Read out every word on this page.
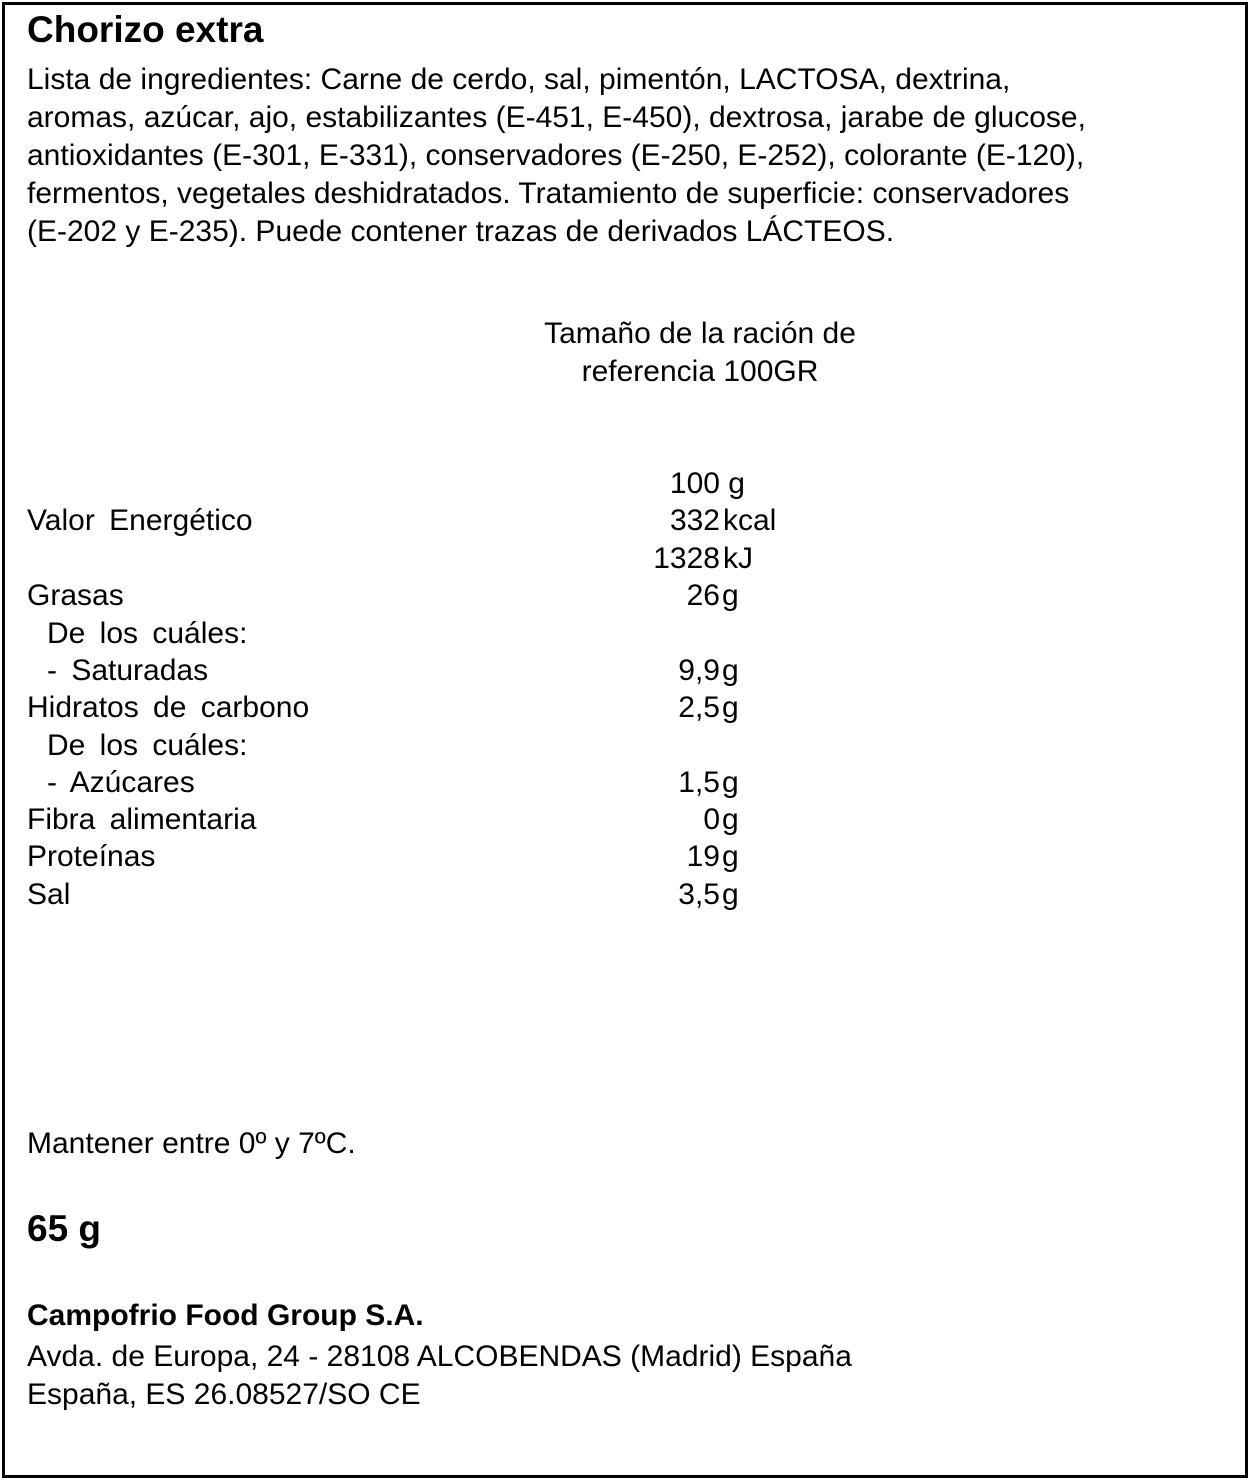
Chorizo extra
Lista de ingredientes: Carne de cerdo, sal, pimentón, LACTOSA, dextrina,
aromas, azúcar, ajo, estabilizantes (E-451, E-450), dextrosa, jarabe de glucose,
antioxidantes (E-301, E-331), conservadores (E-250, E-252), colorante (E-120),
fermentos, vegetales deshidratados. Tratamiento de superficie: conservadores
(E-202 y E-235). Puede contener trazas de derivados LÁCTEOS.
Tamaño de la ración de
referencia 100GR
100 g
Valor Energético	332 kcal
1328 kJ
Grasas	26 g
De los cuáles:
- Saturadas	9,9 g
Hidratos de carbono	2,5 g
De los cuáles:
- Azúcares	1,5 g
Fibra alimentaria	0 g
Proteínas	19 g
Sal	3,5 g
Mantener entre 0º y 7ºC.
65 g
Campofrio Food Group S.A.
Avda. de Europa, 24 - 28108 ALCOBENDAS (Madrid) España
España, ES 26.08527/SO CE
